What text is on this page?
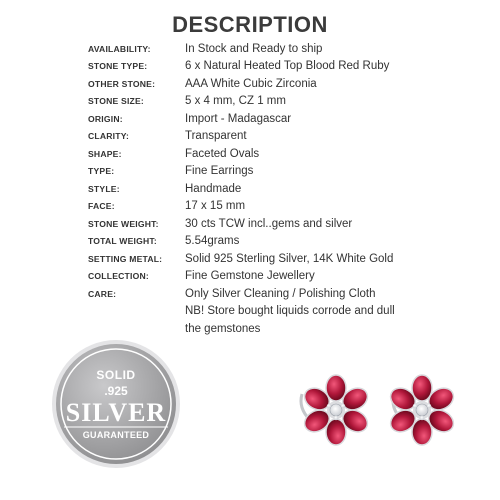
DESCRIPTION
AVAILABILITY:	In Stock and Ready to ship
STONE TYPE:	6 x Natural Heated Top Blood Red Ruby
OTHER STONE:	AAA White Cubic Zirconia
STONE SIZE:	5 x 4 mm, CZ 1 mm
ORIGIN:	Import - Madagascar
CLARITY:	Transparent
SHAPE:	Faceted Ovals
TYPE:	Fine Earrings
STYLE:	Handmade
FACE:	17 x 15 mm
STONE WEIGHT:	30 cts TCW incl..gems and silver
TOTAL WEIGHT:	5.54grams
SETTING METAL:	Solid 925 Sterling Silver, 14K White Gold
COLLECTION:	Fine Gemstone Jewellery
CARE:	Only Silver Cleaning / Polishing Cloth
NB! Store bought liquids corrode and dull
the gemstones
SOLID
.925
SILVER
GUARANTEED
